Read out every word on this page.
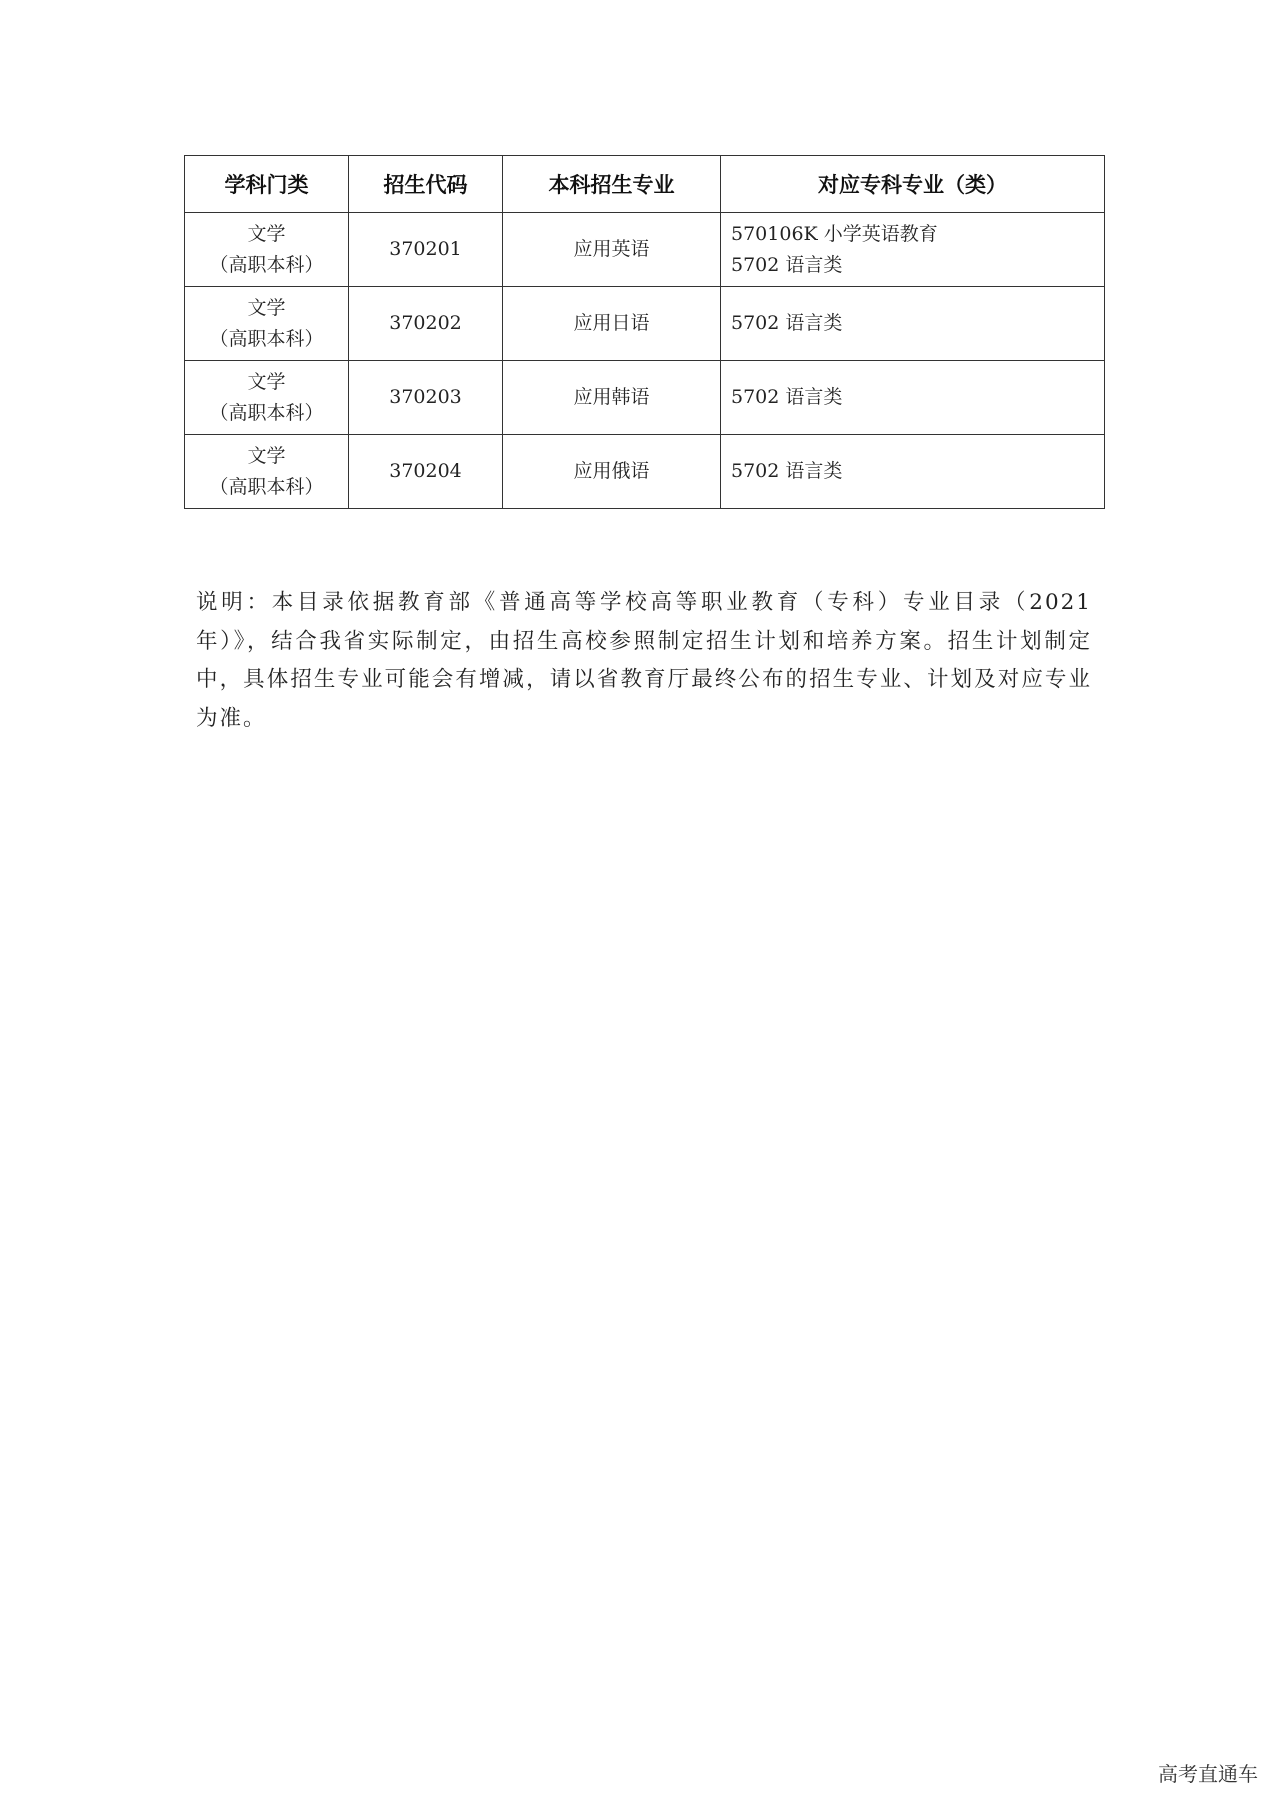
学科门类	招生代码	本科招生专业	对应专科专业（类）

文学
（高职本科）	370201	应用英语	570106K 小学英语教育
5702 语言类

文学
（高职本科）	370202	应用日语	5702 语言类

文学
（高职本科）	370203	应用韩语	5702 语言类

文学
（高职本科）	370204	应用俄语	5702 语言类

说明：本目录依据教育部《普通高等学校高等职业教育（专科）专业目录（2021年）》，结合我省实际制定，由招生高校参照制定招生计划和培养方案。招生计划制定中，具体招生专业可能会有增减，请以省教育厅最终公布的招生专业、计划及对应专业为准。

高考直通车
